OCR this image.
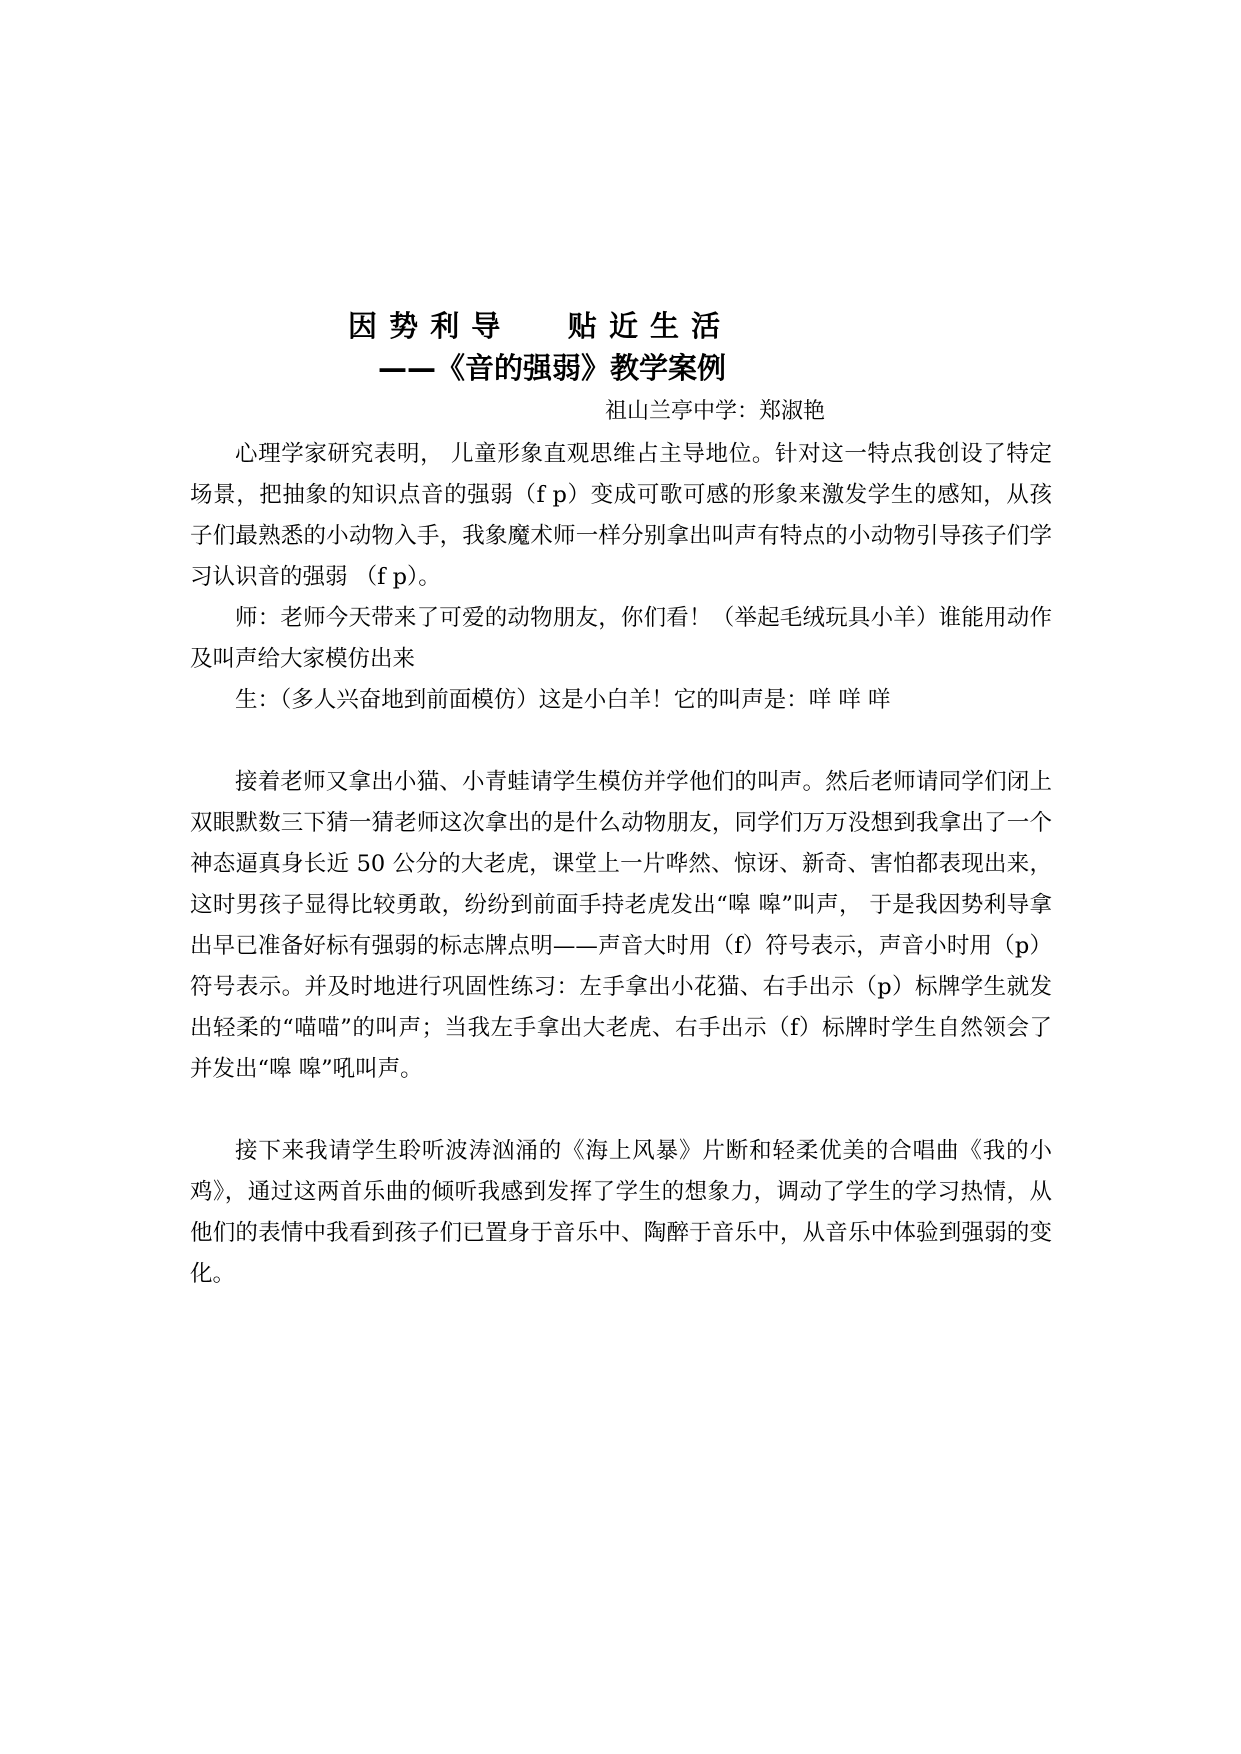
因 势 利 导      贴 近 生 活
——《音的强弱》教学案例
祖山兰亭中学：郑淑艳

心理学家研究表明， 儿童形象直观思维占主导地位。针对这一特点我创设了特定场景，把抽象的知识点音的强弱（f p）变成可歌可感的形象来激发学生的感知，从孩子们最熟悉的小动物入手，我象魔术师一样分别拿出叫声有特点的小动物引导孩子们学习认识音的强弱 （f p）。

师：老师今天带来了可爱的动物朋友，你们看！（举起毛绒玩具小羊）谁能用动作及叫声给大家模仿出来

生：（多人兴奋地到前面模仿）这是小白羊！它的叫声是：咩 咩 咩

接着老师又拿出小猫、小青蛙请学生模仿并学他们的叫声。然后老师请同学们闭上双眼默数三下猜一猜老师这次拿出的是什么动物朋友，同学们万万没想到我拿出了一个神态逼真身长近 50 公分的大老虎，课堂上一片哗然、惊讶、新奇、害怕都表现出来，这时男孩子显得比较勇敢，纷纷到前面手持老虎发出“嗥 嗥”叫声， 于是我因势利导拿出早已准备好标有强弱的标志牌点明——声音大时用（f）符号表示，声音小时用（p）符号表示。并及时地进行巩固性练习：左手拿出小花猫、右手出示（p）标牌学生就发出轻柔的“喵喵”的叫声；当我左手拿出大老虎、右手出示（f）标牌时学生自然领会了并发出“嗥 嗥”吼叫声。

接下来我请学生聆听波涛汹涌的《海上风暴》片断和轻柔优美的合唱曲《我的小鸡》，通过这两首乐曲的倾听我感到发挥了学生的想象力，调动了学生的学习热情，从他们的表情中我看到孩子们已置身于音乐中、陶醉于音乐中，从音乐中体验到强弱的变化。
